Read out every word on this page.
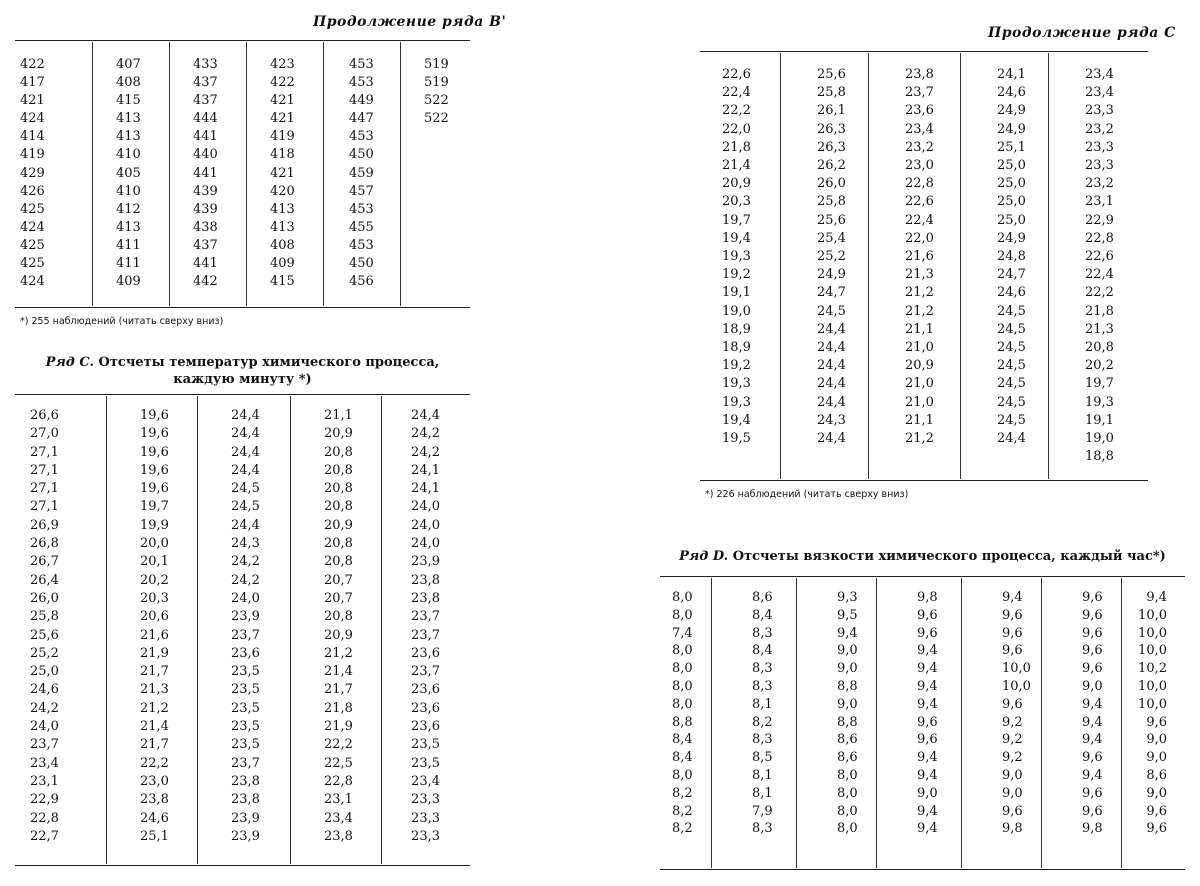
Продолжение ряда B'
422
417
421
424
414
419
429
426
425
424
425
425
424
407
408
415
413
413
410
405
410
412
413
411
411
409
433
437
437
444
441
440
441
439
439
438
437
441
442
423
422
421
421
419
418
421
420
413
413
408
409
415
453
453
449
447
453
450
459
457
453
455
453
450
456
519
519
522
522
*) 255 наблюдений (читать сверху вниз)
Ряд C. Отсчеты температур химического процесса,
каждую минуту *)
26,6
27,0
27,1
27,1
27,1
27,1
26,9
26,8
26,7
26,4
26,0
25,8
25,6
25,2
25,0
24,6
24,2
24,0
23,7
23,4
23,1
22,9
22,8
22,7
19,6
19,6
19,6
19,6
19,6
19,7
19,9
20,0
20,1
20,2
20,3
20,6
21,6
21,9
21,7
21,3
21,2
21,4
21,7
22,2
23,0
23,8
24,6
25,1
24,4
24,4
24,4
24,4
24,5
24,5
24,4
24,3
24,2
24,2
24,0
23,9
23,7
23,6
23,5
23,5
23,5
23,5
23,5
23,7
23,8
23,8
23,9
23,9
21,1
20,9
20,8
20,8
20,8
20,8
20,9
20,8
20,8
20,7
20,7
20,8
20,9
21,2
21,4
21,7
21,8
21,9
22,2
22,5
22,8
23,1
23,4
23,8
24,4
24,2
24,2
24,1
24,1
24,0
24,0
24,0
23,9
23,8
23,8
23,7
23,7
23,6
23,7
23,6
23,6
23,6
23,5
23,5
23,4
23,3
23,3
23,3
Продолжение ряда C
22,6
22,4
22,2
22,0
21,8
21,4
20,9
20,3
19,7
19,4
19,3
19,2
19,1
19,0
18,9
18,9
19,2
19,3
19,3
19,4
19,5
25,6
25,8
26,1
26,3
26,3
26,2
26,0
25,8
25,6
25,4
25,2
24,9
24,7
24,5
24,4
24,4
24,4
24,4
24,4
24,3
24,4
23,8
23,7
23,6
23,4
23,2
23,0
22,8
22,6
22,4
22,0
21,6
21,3
21,2
21,2
21,1
21,0
20,9
21,0
21,0
21,1
21,2
24,1
24,6
24,9
24,9
25,1
25,0
25,0
25,0
25,0
24,9
24,8
24,7
24,6
24,5
24,5
24,5
24,5
24,5
24,5
24,5
24,4
23,4
23,4
23,3
23,2
23,3
23,3
23,2
23,1
22,9
22,8
22,6
22,4
22,2
21,8
21,3
20,8
20,2
19,7
19,3
19,1
19,0
18,8
*) 226 наблюдений (читать сверху вниз)
Ряд D. Отсчеты вязкости химического процесса, каждый час*)
8,0
8,0
7,4
8,0
8,0
8,0
8,0
8,8
8,4
8,4
8,0
8,2
8,2
8,2
8,6
8,4
8,3
8,4
8,3
8,3
8,1
8,2
8,3
8,5
8,1
8,1
7,9
8,3
9,3
9,5
9,4
9,0
9,0
8,8
9,0
8,8
8,6
8,6
8,0
8,0
8,0
8,0
9,8
9,6
9,6
9,4
9,4
9,4
9,4
9,6
9,6
9,4
9,4
9,0
9,4
9,4
9,4
9,6
9,6
9,6
10,0
10,0
9,6
9,2
9,2
9,2
9,0
9,0
9,6
9,8
9,6
9,6
9,6
9,6
9,6
9,0
9,4
9,4
9,4
9,6
9,4
9,6
9,6
9,8
9,4
10,0
10,0
10,0
10,2
10,0
10,0
9,6
9,0
9,0
8,6
9,0
9,6
9,6
